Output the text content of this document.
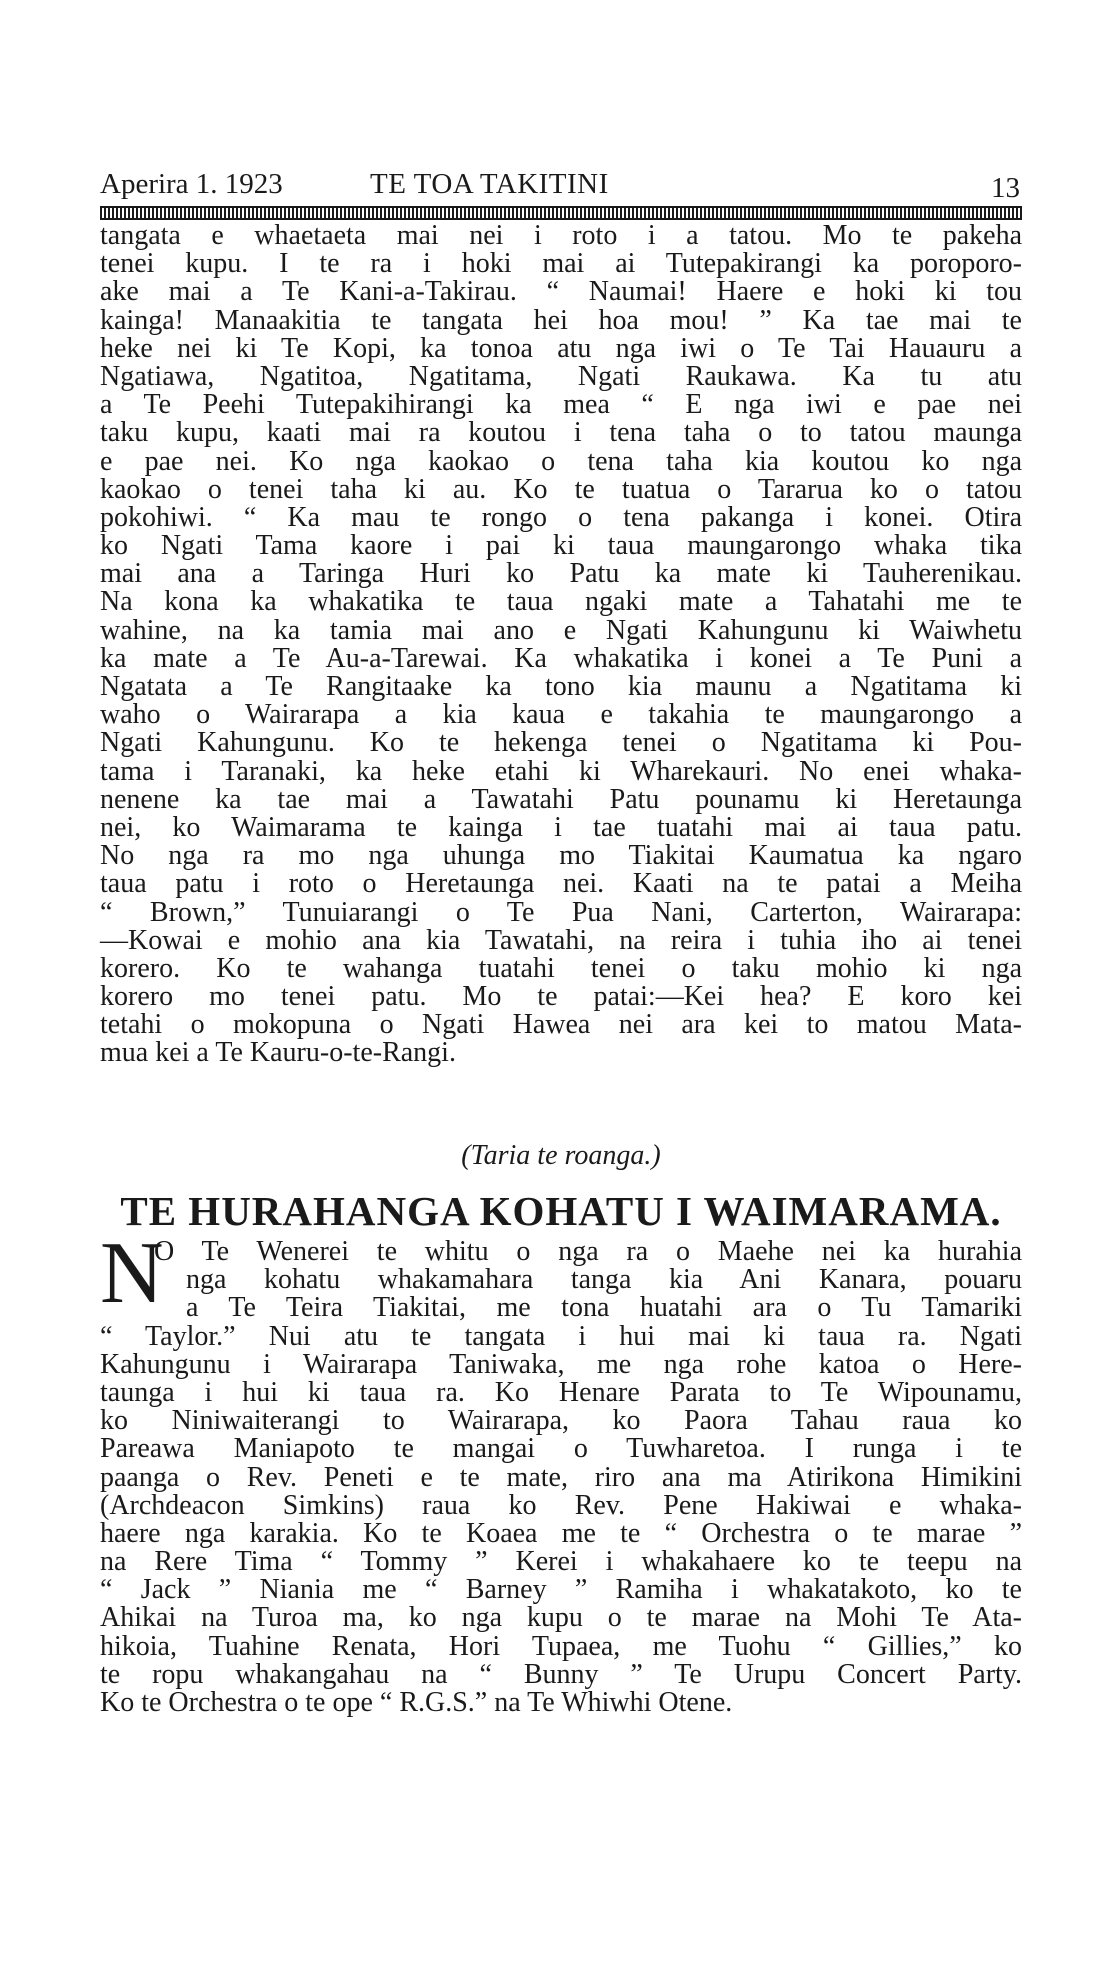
Aperira 1. 1923	TE TOA TAKITINI	13
tangata e whaetaeta mai nei i roto i a tatou. Mo te pakeha
tenei kupu. I te ra i hoki mai ai Tutepakirangi ka poroporo-
ake mai a Te Kani-a-Takirau. “ Naumai! Haere e hoki ki tou
kainga! Manaakitia te tangata hei hoa mou! ” Ka tae mai te
heke nei ki Te Kopi, ka tonoa atu nga iwi o Te Tai Hauauru a
Ngatiawa, Ngatitoa, Ngatitama, Ngati Raukawa. Ka tu atu
a Te Peehi Tutepakihirangi ka mea “ E nga iwi e pae nei
taku kupu, kaati mai ra koutou i tena taha o to tatou maunga
e pae nei. Ko nga kaokao o tena taha kia koutou ko nga
kaokao o tenei taha ki au. Ko te tuatua o Tararua ko o tatou
pokohiwi. “ Ka mau te rongo o tena pakanga i konei. Otira
ko Ngati Tama kaore i pai ki taua maungarongo whaka tika
mai ana a Taringa Huri ko Patu ka mate ki Tauherenikau.
Na kona ka whakatika te taua ngaki mate a Tahatahi me te
wahine, na ka tamia mai ano e Ngati Kahungunu ki Waiwhetu
ka mate a Te Au-a-Tarewai. Ka whakatika i konei a Te Puni a
Ngatata a Te Rangitaake ka tono kia maunu a Ngatitama ki
waho o Wairarapa a kia kaua e takahia te maungarongo a
Ngati Kahungunu. Ko te hekenga tenei o Ngatitama ki Pou-
tama i Taranaki, ka heke etahi ki Wharekauri. No enei whaka-
nenene ka tae mai a Tawatahi Patu pounamu ki Heretaunga
nei, ko Waimarama te kainga i tae tuatahi mai ai taua patu.
No nga ra mo nga uhunga mo Tiakitai Kaumatua ka ngaro
taua patu i roto o Heretaunga nei. Kaati na te patai a Meiha
“ Brown,” Tunuiarangi o Te Pua Nani, Carterton, Wairarapa:
—Kowai e mohio ana kia Tawatahi, na reira i tuhia iho ai tenei
korero. Ko te wahanga tuatahi tenei o taku mohio ki nga
korero mo tenei patu. Mo te patai:—Kei hea? E koro kei
tetahi o mokopuna o Ngati Hawea nei ara kei to matou Mata-
mua kei a Te Kauru-o-te-Rangi.
(Taria te roanga.)
TE HURAHANGA KOHATU I WAIMARAMA.
N
O Te Wenerei te whitu o nga ra o Maehe nei ka hurahia
nga kohatu whakamahara tanga kia Ani Kanara, pouaru
a Te Teira Tiakitai, me tona huatahi ara o Tu Tamariki
“ Taylor.” Nui atu te tangata i hui mai ki taua ra. Ngati
Kahungunu i Wairarapa Taniwaka, me nga rohe katoa o Here-
taunga i hui ki taua ra. Ko Henare Parata to Te Wipounamu,
ko Niniwaiterangi to Wairarapa, ko Paora Tahau raua ko
Pareawa Maniapoto te mangai o Tuwharetoa. I runga i te
paanga o Rev. Peneti e te mate, riro ana ma Atirikona Himikini
(Archdeacon Simkins) raua ko Rev. Pene Hakiwai e whaka-
haere nga karakia. Ko te Koaea me te “ Orchestra o te marae ”
na Rere Tima “ Tommy ” Kerei i whakahaere ko te teepu na
“ Jack ” Niania me “ Barney ” Ramiha i whakatakoto, ko te
Ahikai na Turoa ma, ko nga kupu o te marae na Mohi Te Ata-
hikoia, Tuahine Renata, Hori Tupaea, me Tuohu “ Gillies,” ko
te ropu whakangahau na “ Bunny ” Te Urupu Concert Party.
Ko te Orchestra o te ope “ R.G.S.” na Te Whiwhi Otene.
